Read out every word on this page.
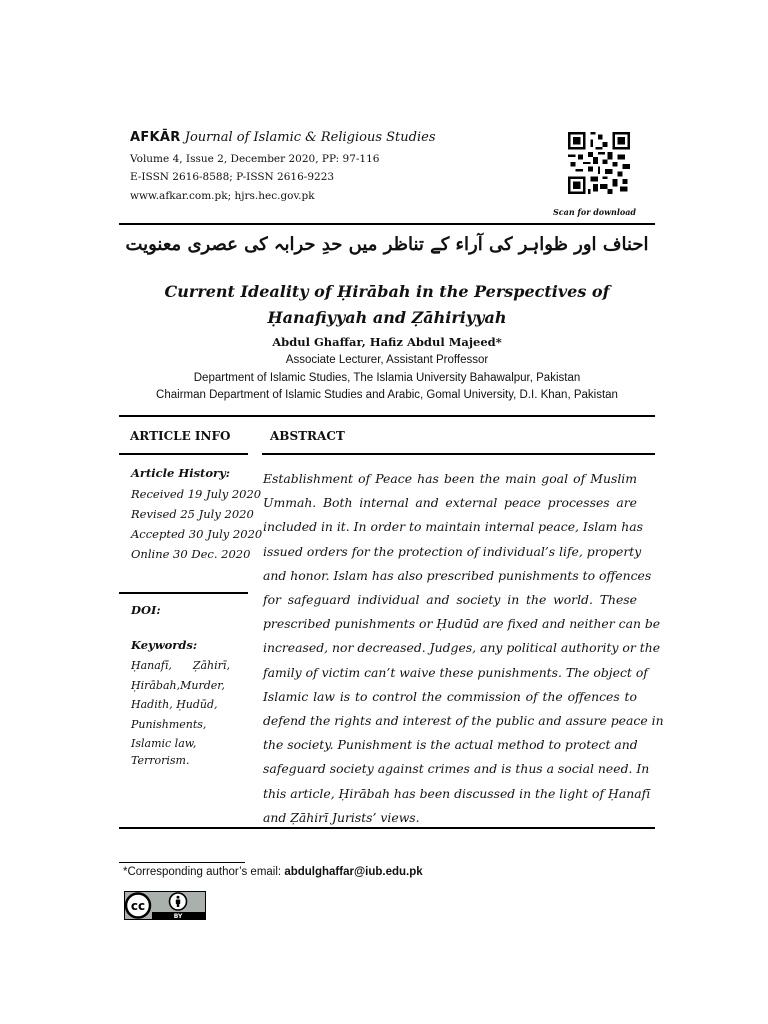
AFKĀR Journal of Islamic & Religious Studies
Volume 4, Issue 2, December 2020, PP: 97-116
E-ISSN 2616-8588; P-ISSN 2616-9223
www.afkar.com.pk; hjrs.hec.gov.pk
Scan for download
احناف اور ظواہر کی آراء کے تناظر میں حدِ حرابہ کی عصری معنویت
Current Ideality of Ḥirābah in the Perspectives of Ḥanafiyyah and Ẓāhiriyyah
Abdul Ghaffar, Hafiz Abdul Majeed*
Associate Lecturer, Assistant Proffessor
Department of Islamic Studies, The Islamia University Bahawalpur, Pakistan
Chairman Department of Islamic Studies and Arabic, Gomal University, D.I. Khan, Pakistan
ARTICLE INFO	ABSTRACT
Article History:
Received 19 July 2020
Revised 25 July 2020
Accepted 30 July 2020
Online 30 Dec. 2020
DOI:
Keywords:
Ḥanafī,      Ẓāhirī,
Ḥirābah,Murder,
Hadith, Ḥudūd,
Punishments,
Islamic law,
Terrorism.
Establishment of Peace has been the main goal of Muslim
Ummah. Both internal and external peace processes are
included in it. In order to maintain internal peace, Islam has
issued orders for the protection of individual’s life, property
and honor. Islam has also prescribed punishments to offences
for safeguard individual and society in the world. These
prescribed punishments or Ḥudūd are fixed and neither can be
increased, nor decreased. Judges, any political authority or the
family of victim can’t waive these punishments. The object of
Islamic law is to control the commission of the offences to
defend the rights and interest of the public and assure peace in
the society. Punishment is the actual method to protect and
safeguard society against crimes and is thus a social need. In
this article, Ḥirābah has been discussed in the light of Ḥanafī
and Ẓāhirī Jurists’ views.
*Corresponding author’s email: abdulghaffar@iub.edu.pk
cc
BY
